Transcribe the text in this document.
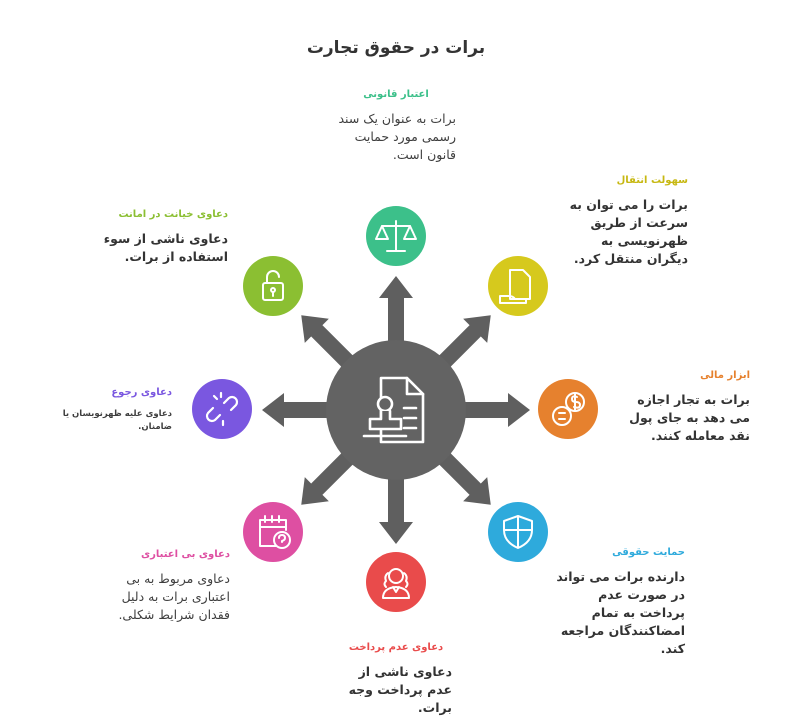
برات در حقوق تجارت
اعتبار قانونی
برات به عنوان یک سند رسمی مورد حمایت قانون است.
سهولت انتقال
برات را می توان به سرعت از طریق ظهرنویسی به دیگران منتقل کرد.
ابزار مالی
برات به تجار اجازه می دهد به جای پول نقد معامله کنند.
حمایت حقوقی
دارنده برات می تواند در صورت عدم پرداخت به تمام امضاکنندگان مراجعه کند.
دعاوی عدم پرداخت
دعاوی ناشی از عدم پرداخت وجه برات.
دعاوی بی اعتباری
دعاوی مربوط به بی اعتباری برات به دلیل فقدان شرایط شکلی.
دعاوی رجوع
دعاوی علیه ظهرنویسان یا ضامنان.
دعاوی خیانت در امانت
دعاوی ناشی از سوء استفاده از برات.
